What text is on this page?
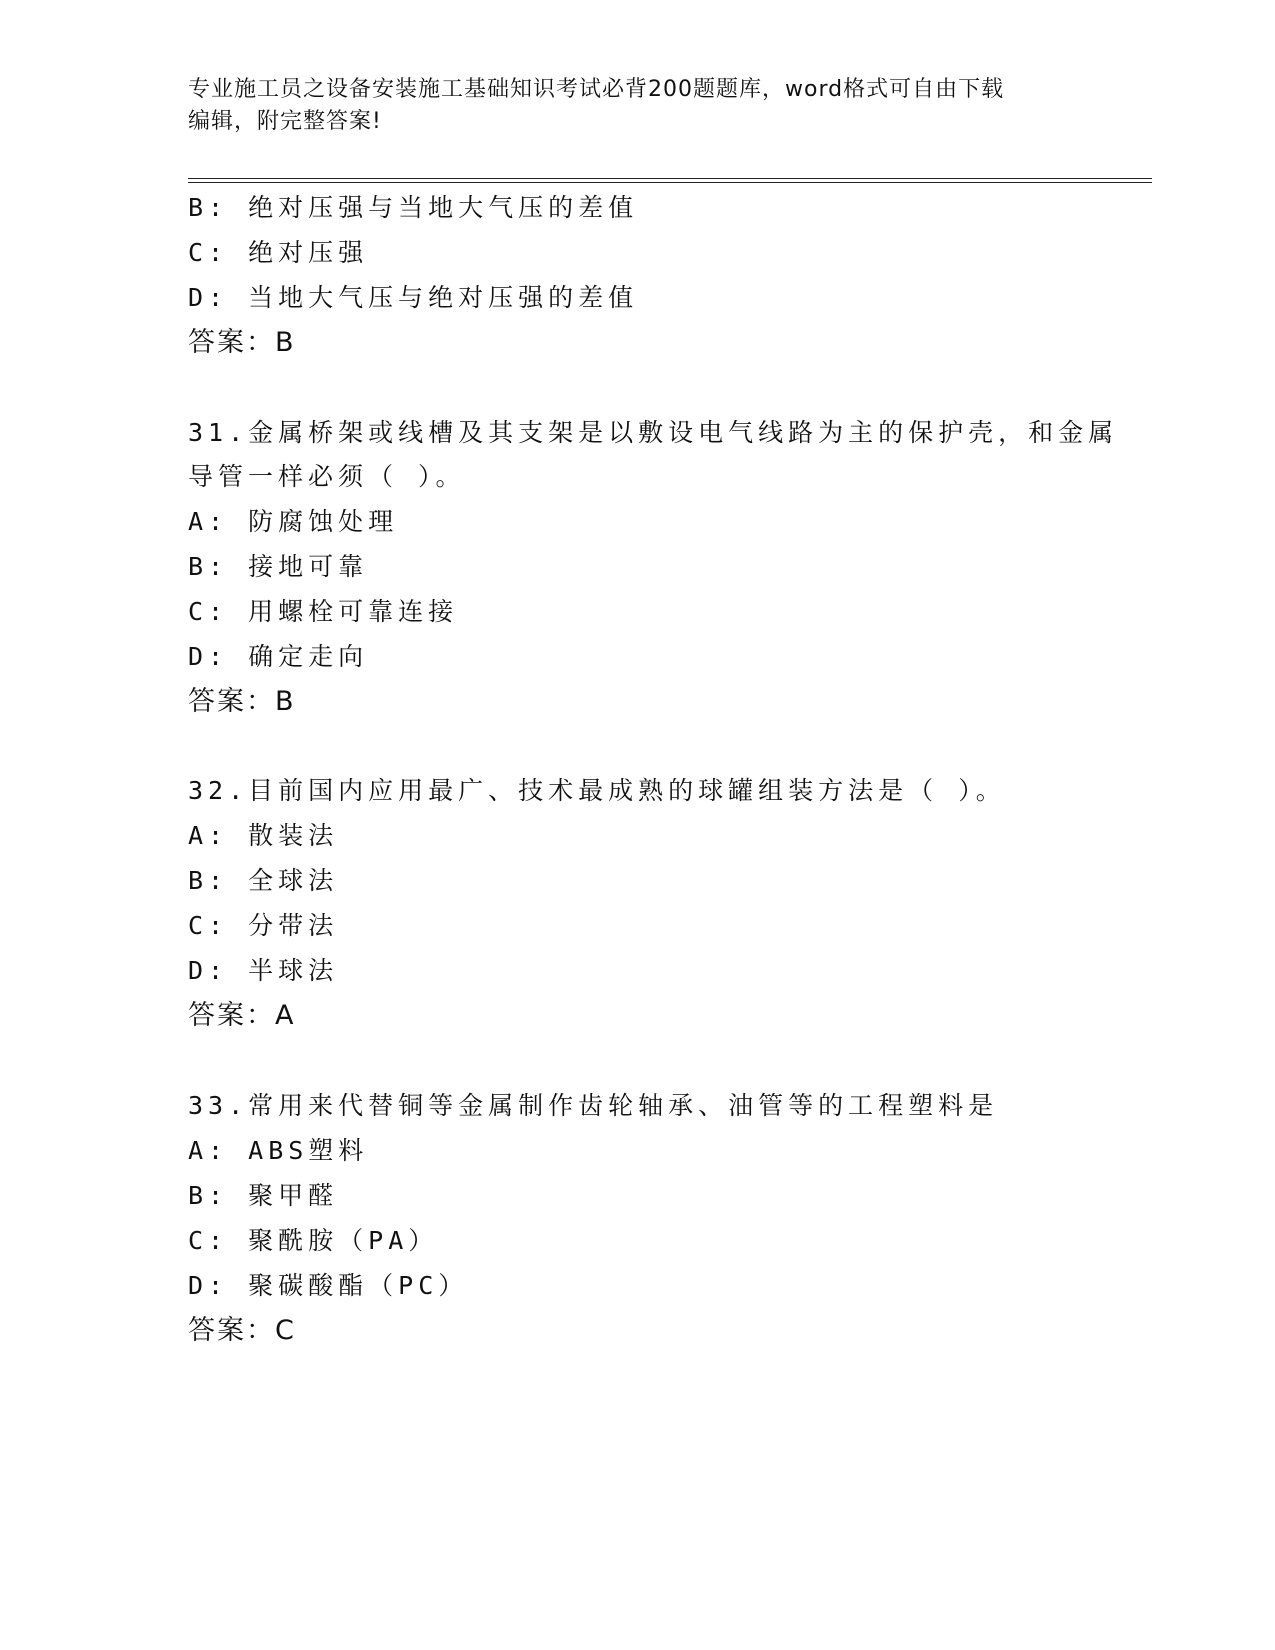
专业施工员之设备安装施工基础知识考试必背200题题库，word格式可自由下载
编辑，附完整答案!
B: 绝对压强与当地大气压的差值
C: 绝对压强
D: 当地大气压与绝对压强的差值
答案：B
31.金属桥架或线槽及其支架是以敷设电气线路为主的保护壳，和金属
导管一样必须（ ）。
A: 防腐蚀处理
B: 接地可靠
C: 用螺栓可靠连接
D: 确定走向
答案：B
32.目前国内应用最广、技术最成熟的球罐组装方法是（ ）。
A: 散装法
B: 全球法
C: 分带法
D: 半球法
答案：A
33.常用来代替铜等金属制作齿轮轴承、油管等的工程塑料是
A: ABS塑料
B: 聚甲醛
C: 聚酰胺（PA）
D: 聚碳酸酯（PC）
答案：C
